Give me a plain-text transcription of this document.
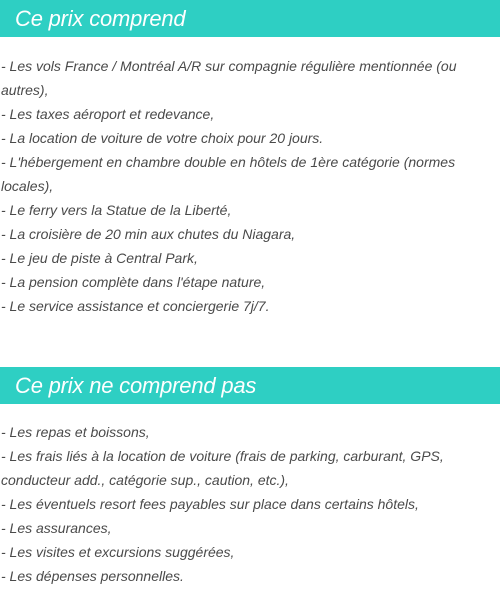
Ce prix comprend
- Les vols France / Montréal A/R sur compagnie régulière mentionnée (ou autres),
- Les taxes aéroport et redevance,
- La location de voiture de votre choix pour 20 jours.
- L'hébergement en chambre double en hôtels de 1ère catégorie (normes locales),
- Le ferry vers la Statue de la Liberté,
- La croisière de 20 min aux chutes du Niagara,
- Le jeu de piste à Central Park,
- La pension complète dans l'étape nature,
- Le service assistance et conciergerie 7j/7.
Ce prix ne comprend pas
- Les repas et boissons,
- Les frais liés à la location de voiture (frais de parking, carburant, GPS, conducteur add., catégorie sup., caution, etc.),
- Les éventuels resort fees payables sur place dans certains hôtels,
- Les assurances,
- Les visites et excursions suggérées,
- Les dépenses personnelles.
